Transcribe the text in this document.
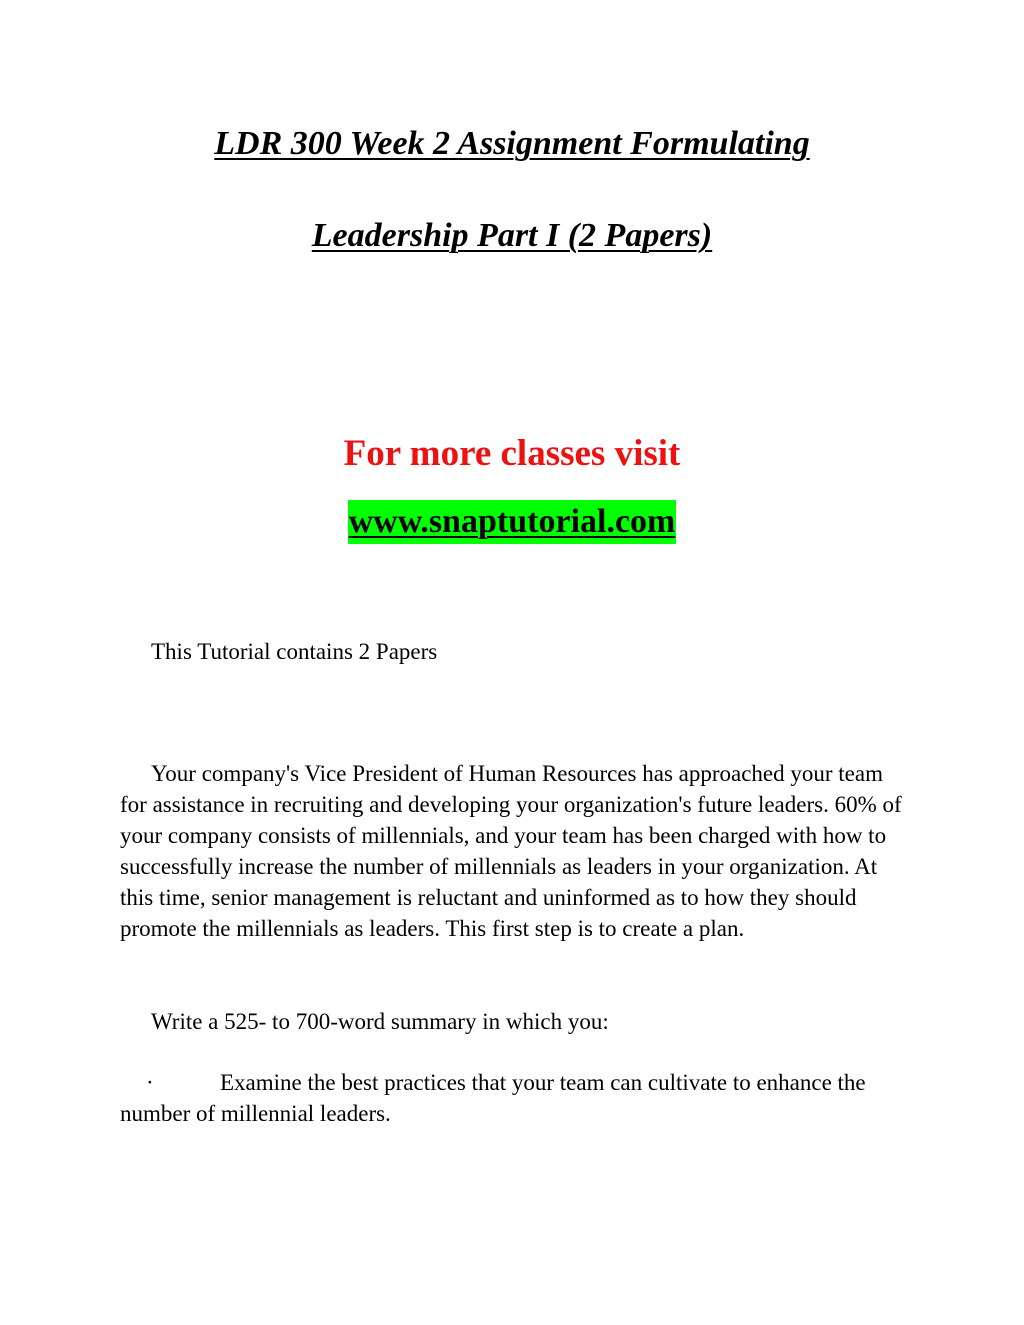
LDR 300 Week 2 Assignment Formulating
Leadership Part I (2 Papers)
For more classes visit
www.snaptutorial.com

This Tutorial contains 2 Papers

Your company's Vice President of Human Resources has approached your team for assistance in recruiting and developing your organization's future leaders. 60% of your company consists of millennials, and your team has been charged with how to successfully increase the number of millennials as leaders in your organization. At this time, senior management is reluctant and uninformed as to how they should promote the millennials as leaders. This first step is to create a plan.

Write a 525- to 700-word summary in which you:

·	Examine the best practices that your team can cultivate to enhance the number of millennial leaders.
